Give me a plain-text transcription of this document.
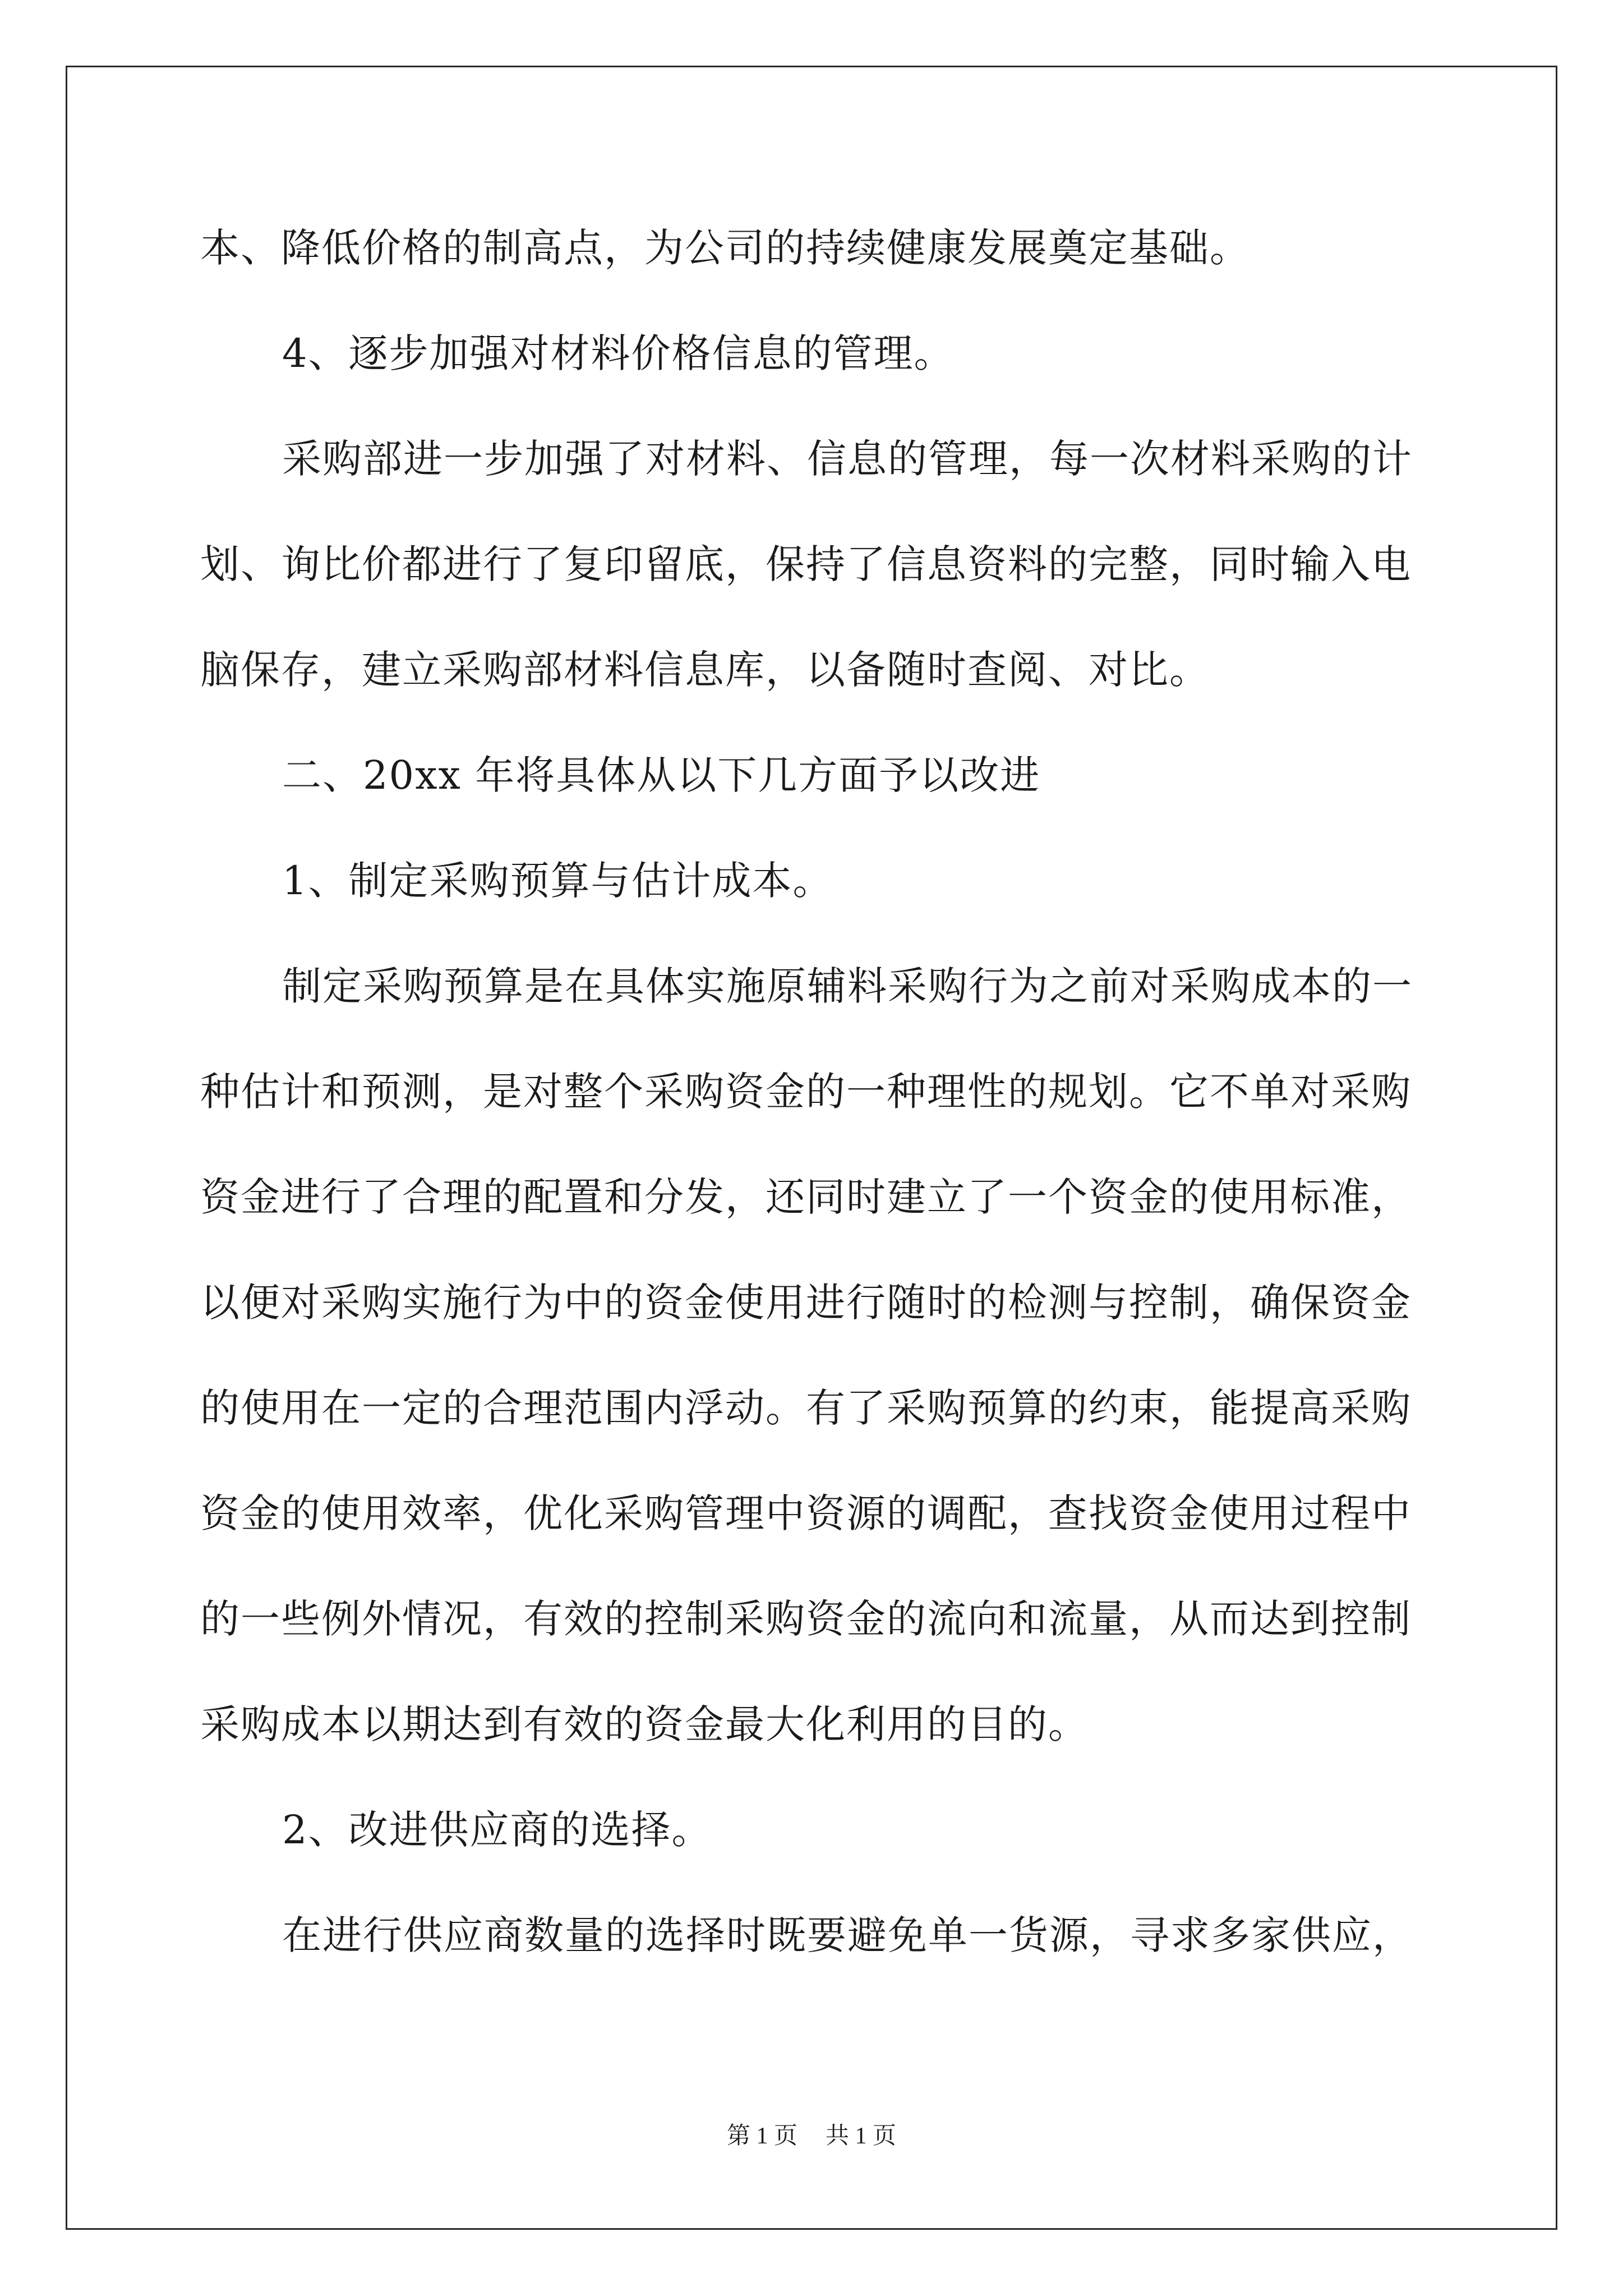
本、降低价格的制高点，为公司的持续健康发展奠定基础。
4、逐步加强对材料价格信息的管理。
采购部进一步加强了对材料、信息的管理，每一次材料采购的计
划、询比价都进行了复印留底，保持了信息资料的完整，同时输入电
脑保存，建立采购部材料信息库，以备随时查阅、对比。
二、20xx 年将具体从以下几方面予以改进
1、制定采购预算与估计成本。
制定采购预算是在具体实施原辅料采购行为之前对采购成本的一
种估计和预测，是对整个采购资金的一种理性的规划。它不单对采购
资金进行了合理的配置和分发，还同时建立了一个资金的使用标准，
以便对采购实施行为中的资金使用进行随时的检测与控制，确保资金
的使用在一定的合理范围内浮动。有了采购预算的约束，能提高采购
资金的使用效率，优化采购管理中资源的调配，查找资金使用过程中
的一些例外情况，有效的控制采购资金的流向和流量，从而达到控制
采购成本以期达到有效的资金最大化利用的目的。
2、改进供应商的选择。
在进行供应商数量的选择时既要避免单一货源，寻求多家供应，
第 1 页 共 1 页
